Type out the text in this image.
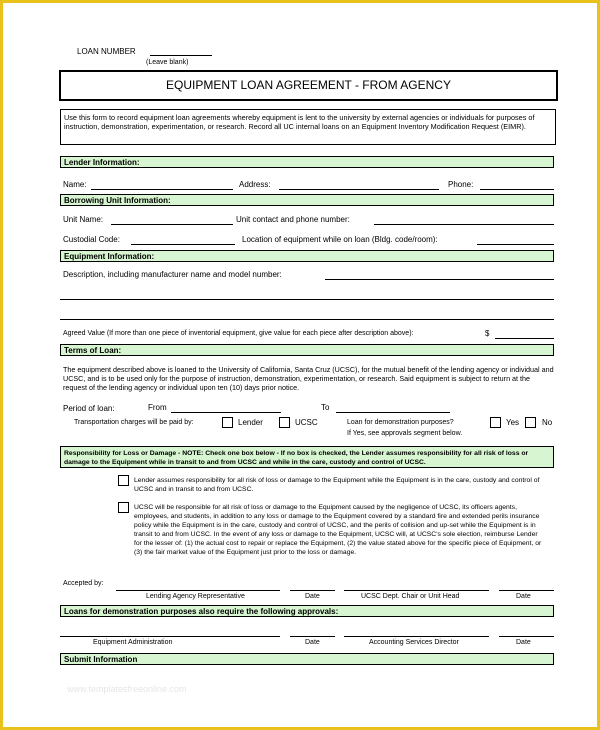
LOAN NUMBER
(Leave blank)
EQUIPMENT LOAN AGREEMENT - FROM AGENCY
Use this form to record equipment loan agreements whereby equipment is lent to the university by external agencies or individuals for purposes of instruction, demonstration, experimentation, or research. Record all UC internal loans on an Equipment Inventory Modification Request (EIMR).
Lender Information:
Name:	Address:	Phone:
Borrowing Unit Information:
Unit Name:	Unit contact and phone number:
Custodial Code:	Location of equipment while on loan (Bldg. code/room):
Equipment Information:
Description, including manufacturer name and model number:
Agreed Value (If more than one piece of inventorial equipment, give value for each piece after description above):	$
Terms of Loan:
The equipment described above is loaned to the University of California, Santa Cruz (UCSC), for the mutual benefit of the lending agency or individual and UCSC, and is to be used only for the purpose of instruction, demonstration, experimentation, or research. Said equipment is subject to return at the request of the lending agency or individual upon ten (10) days prior notice.
Period of loan:	From	To
Transportation charges will be paid by:	Lender	UCSC	Loan for demonstration purposes?	Yes	No
If Yes, see approvals segment below.
Responsibility for Loss or Damage - NOTE: Check one box below - If no box is checked, the Lender assumes responsibility for all risk of loss or damage to the Equipment while in transit to and from UCSC and while in the care, custody and control of UCSC.
Lender assumes responsibility for all risk of loss or damage to the Equipment while the Equipment is in the care, custody and control of UCSC and in transit to and from UCSC.
UCSC will be responsible for all risk of loss or damage to the Equipment caused by the negligence of UCSC, its officers agents, employees, and students, in addition to any loss or damage to the Equipment covered by a standard fire and extended perils insurance policy while the Equipment is in the care, custody and control of UCSC, and the perils of collision and up-set while the Equipment is in transit to and from UCSC. In the event of any loss or damage to the Equipment, UCSC will, at UCSC's sole election, reimburse Lender for the lesser of: (1) the actual cost to repair or replace the Equipment, (2) the value stated above for the specific piece of Equipment, or (3) the fair market value of the Equipment just prior to the loss or damage.
Accepted by:
Lending Agency Representative	Date	UCSC Dept. Chair or Unit Head	Date
Loans for demonstration purposes also require the following approvals:
Equipment Administration	Date	Accounting Services Director	Date
Submit Information
www.templatesfreeonline.com
